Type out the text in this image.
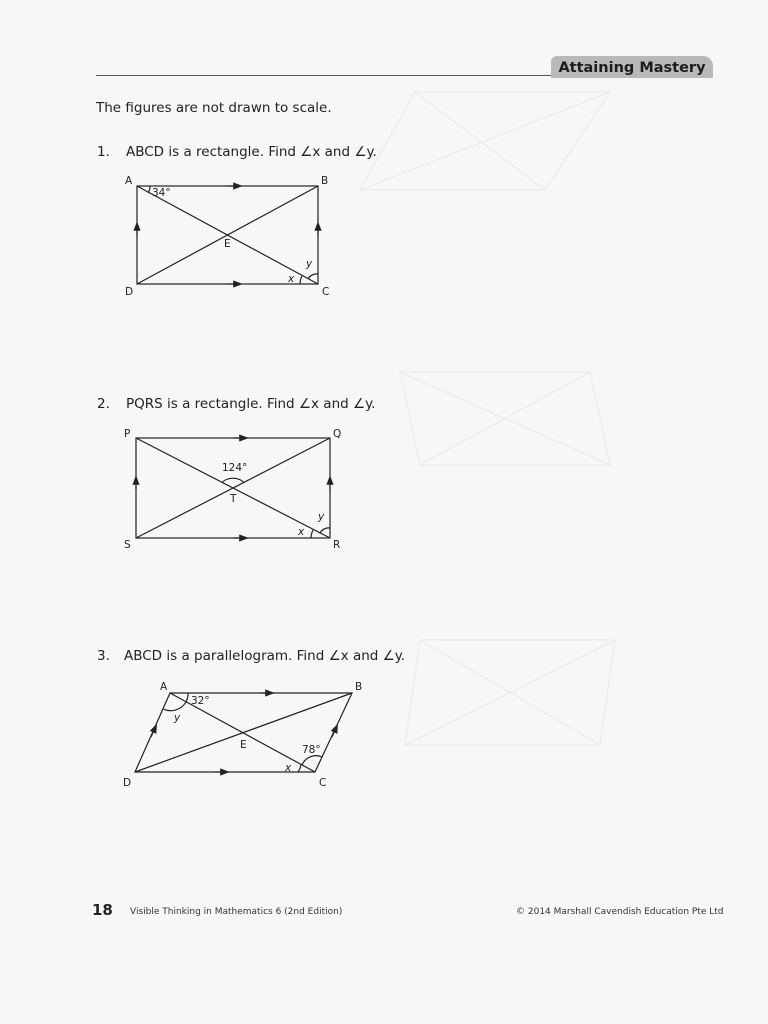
Attaining Mastery
The figures are not drawn to scale.
1. ABCD is a rectangle. Find ∠x and ∠y.
2. PQRS is a rectangle. Find ∠x and ∠y.
3. ABCD is a parallelogram. Find ∠x and ∠y.
A	B
C
D
E
34°
x
y
P	Q
R
S
T
124°
x
y
A	B
C
D
E
32°
78°
x
y
18 Visible Thinking in Mathematics 6 (2nd Edition)	© 2014 Marshall Cavendish Education Pte Ltd
